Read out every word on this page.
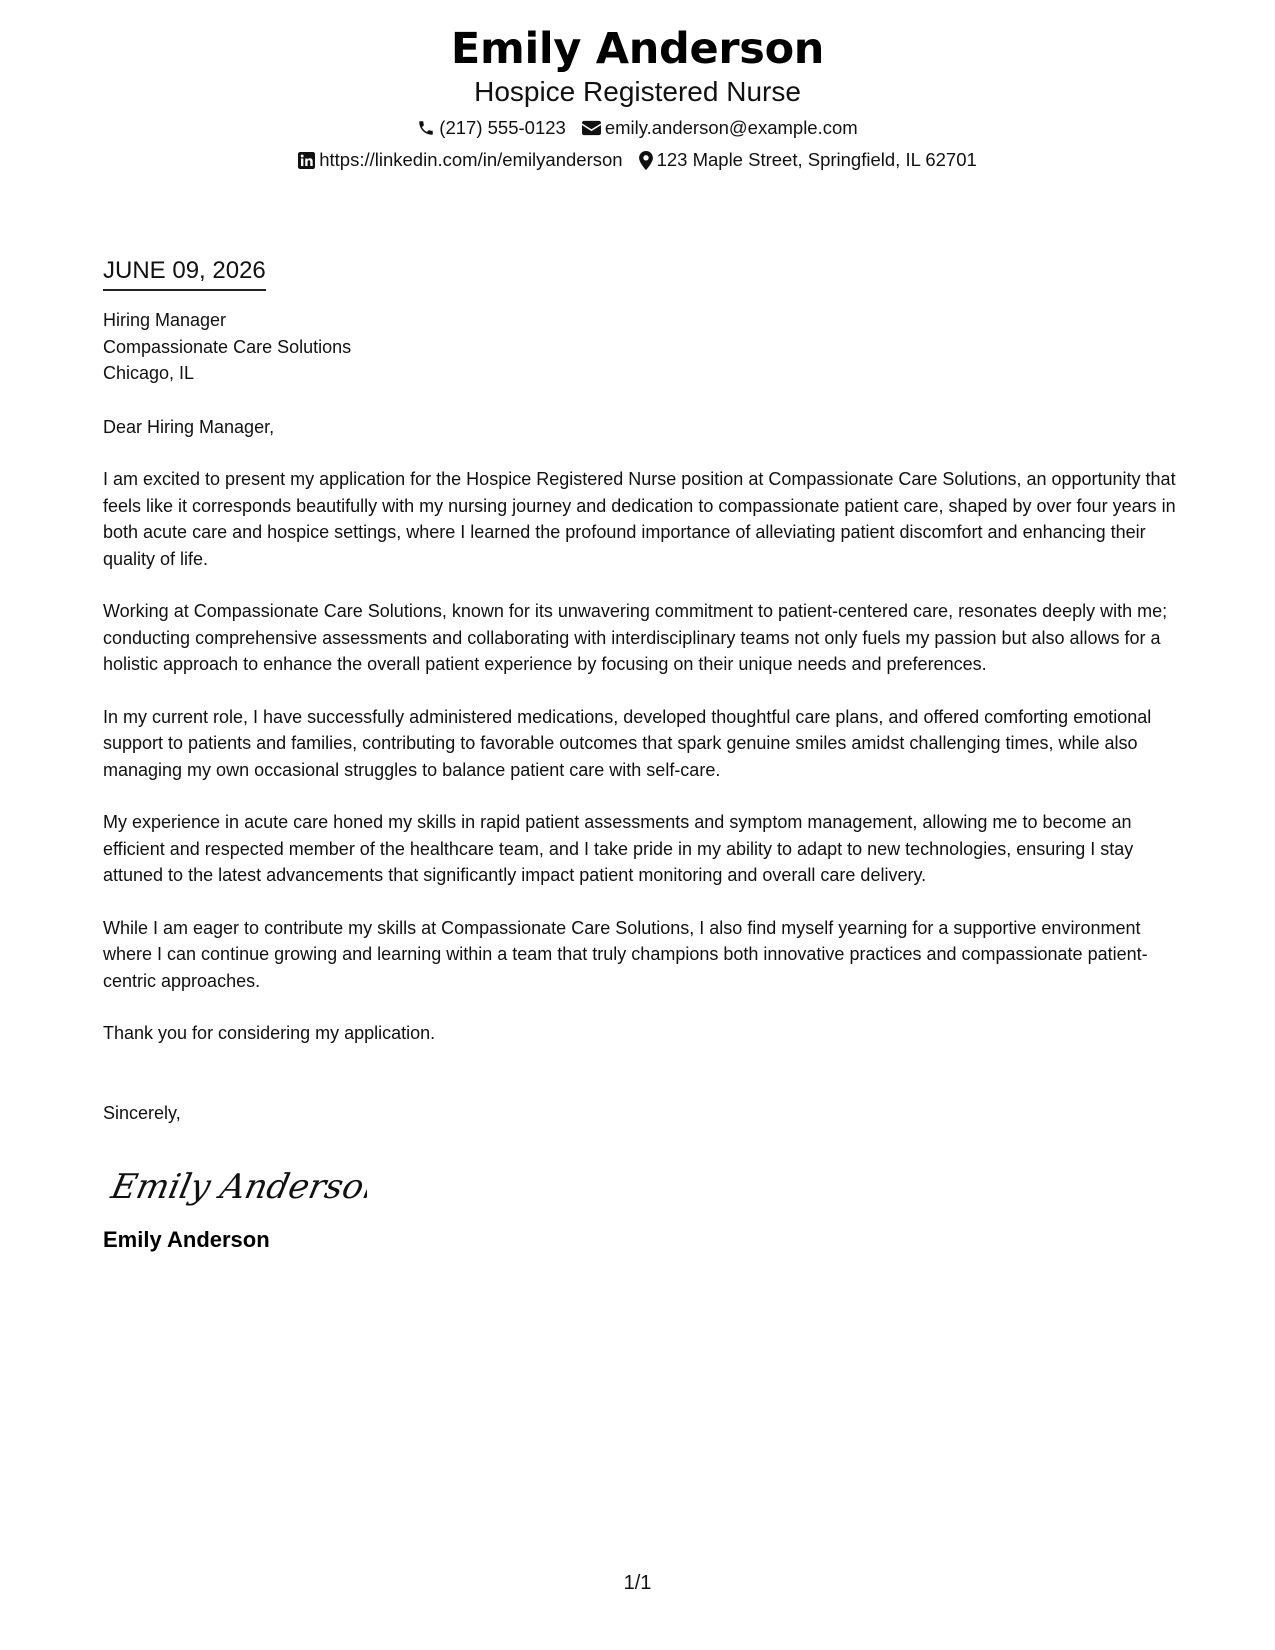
Emily Anderson
Hospice Registered Nurse
(217) 555-0123 emily.anderson@example.com
https://linkedin.com/in/emilyanderson 123 Maple Street, Springfield, IL 62701
JUNE 09, 2026
Hiring Manager
Compassionate Care Solutions
Chicago, IL
Dear Hiring Manager,
I am excited to present my application for the Hospice Registered Nurse position at Compassionate Care Solutions, an opportunity that feels like it corresponds beautifully with my nursing journey and dedication to compassionate patient care, shaped by over four years in both acute care and hospice settings, where I learned the profound importance of alleviating patient discomfort and enhancing their quality of life.
Working at Compassionate Care Solutions, known for its unwavering commitment to patient-centered care, resonates deeply with me; conducting comprehensive assessments and collaborating with interdisciplinary teams not only fuels my passion but also allows for a holistic approach to enhance the overall patient experience by focusing on their unique needs and preferences.
In my current role, I have successfully administered medications, developed thoughtful care plans, and offered comforting emotional support to patients and families, contributing to favorable outcomes that spark genuine smiles amidst challenging times, while also managing my own occasional struggles to balance patient care with self-care.
My experience in acute care honed my skills in rapid patient assessments and symptom management, allowing me to become an efficient and respected member of the healthcare team, and I take pride in my ability to adapt to new technologies, ensuring I stay attuned to the latest advancements that significantly impact patient monitoring and overall care delivery.
While I am eager to contribute my skills at Compassionate Care Solutions, I also find myself yearning for a supportive environment where I can continue growing and learning within a team that truly champions both innovative practices and compassionate patient-centric approaches.
Thank you for considering my application.
Sincerely,
Emily Anderson
Emily Anderson
1/1
